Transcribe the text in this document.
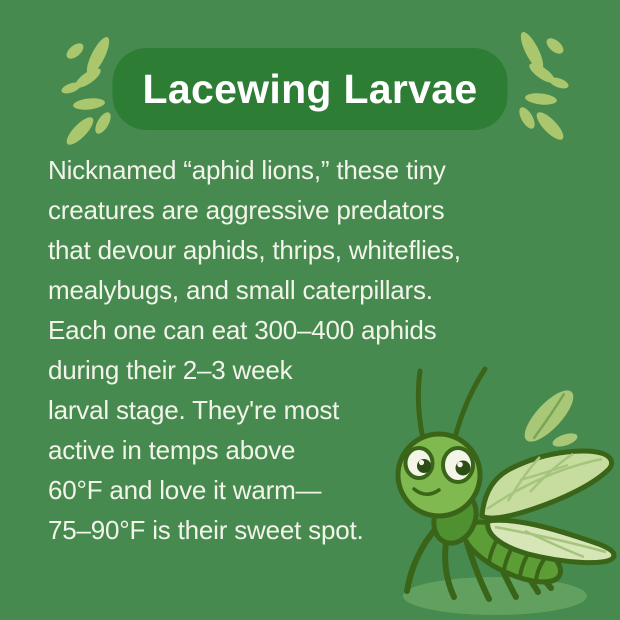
Lacewing Larvae
Nicknamed “aphid lions,” these tiny
creatures are aggressive predators
that devour aphids, thrips, whiteflies,
mealybugs, and small caterpillars.
Each one can eat 300–400 aphids
during their 2–3 week
larval stage. They're most
active in temps above
60°F and love it warm—
75–90°F is their sweet spot.
